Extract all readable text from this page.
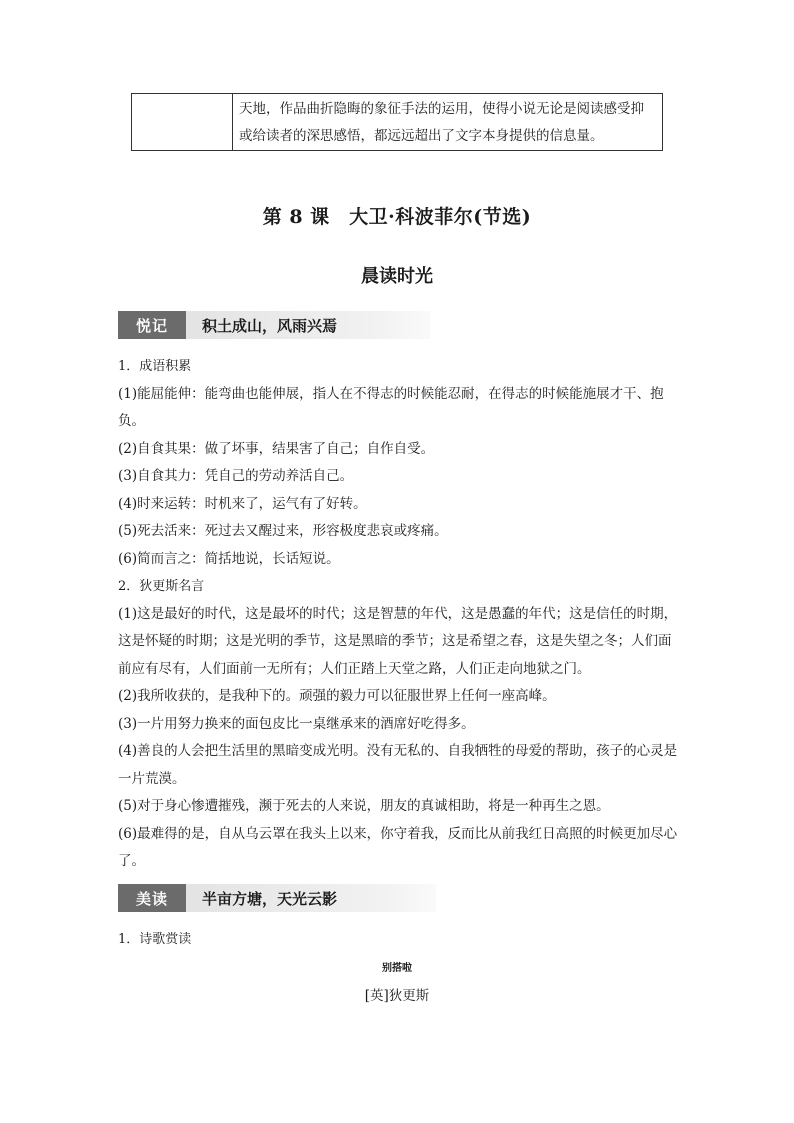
天地，作品曲折隐晦的象征手法的运用，使得小说无论是阅读感受抑或给读者的深思感悟，都远远超出了文字本身提供的信息量。
第 8 课　大卫·科波菲尔(节选)
晨读时光
悦记	积土成山，风雨兴焉

1．成语积累

(1)能屈能伸：能弯曲也能伸展，指人在不得志的时候能忍耐，在得志的时候能施展才干、抱负。

(2)自食其果：做了坏事，结果害了自己；自作自受。

(3)自食其力：凭自己的劳动养活自己。

(4)时来运转：时机来了，运气有了好转。

(5)死去活来：死过去又醒过来，形容极度悲哀或疼痛。

(6)简而言之：简括地说，长话短说。

2．狄更斯名言

(1)这是最好的时代，这是最坏的时代；这是智慧的年代，这是愚蠢的年代；这是信任的时期，这是怀疑的时期；这是光明的季节，这是黑暗的季节；这是希望之春，这是失望之冬；人们面前应有尽有，人们面前一无所有；人们正踏上天堂之路，人们正走向地狱之门。

(2)我所收获的，是我种下的。顽强的毅力可以征服世界上任何一座高峰。

(3)一片用努力换来的面包皮比一桌继承来的酒席好吃得多。

(4)善良的人会把生活里的黑暗变成光明。没有无私的、自我牺牲的母爱的帮助，孩子的心灵是一片荒漠。

(5)对于身心惨遭摧残，濒于死去的人来说，朋友的真诚相助，将是一种再生之恩。

(6)最难得的是，自从乌云罩在我头上以来，你守着我，反而比从前我红日高照的时候更加尽心了。

美读	半亩方塘，天光云影

1．诗歌赏读

别搭啦
[英]狄更斯
